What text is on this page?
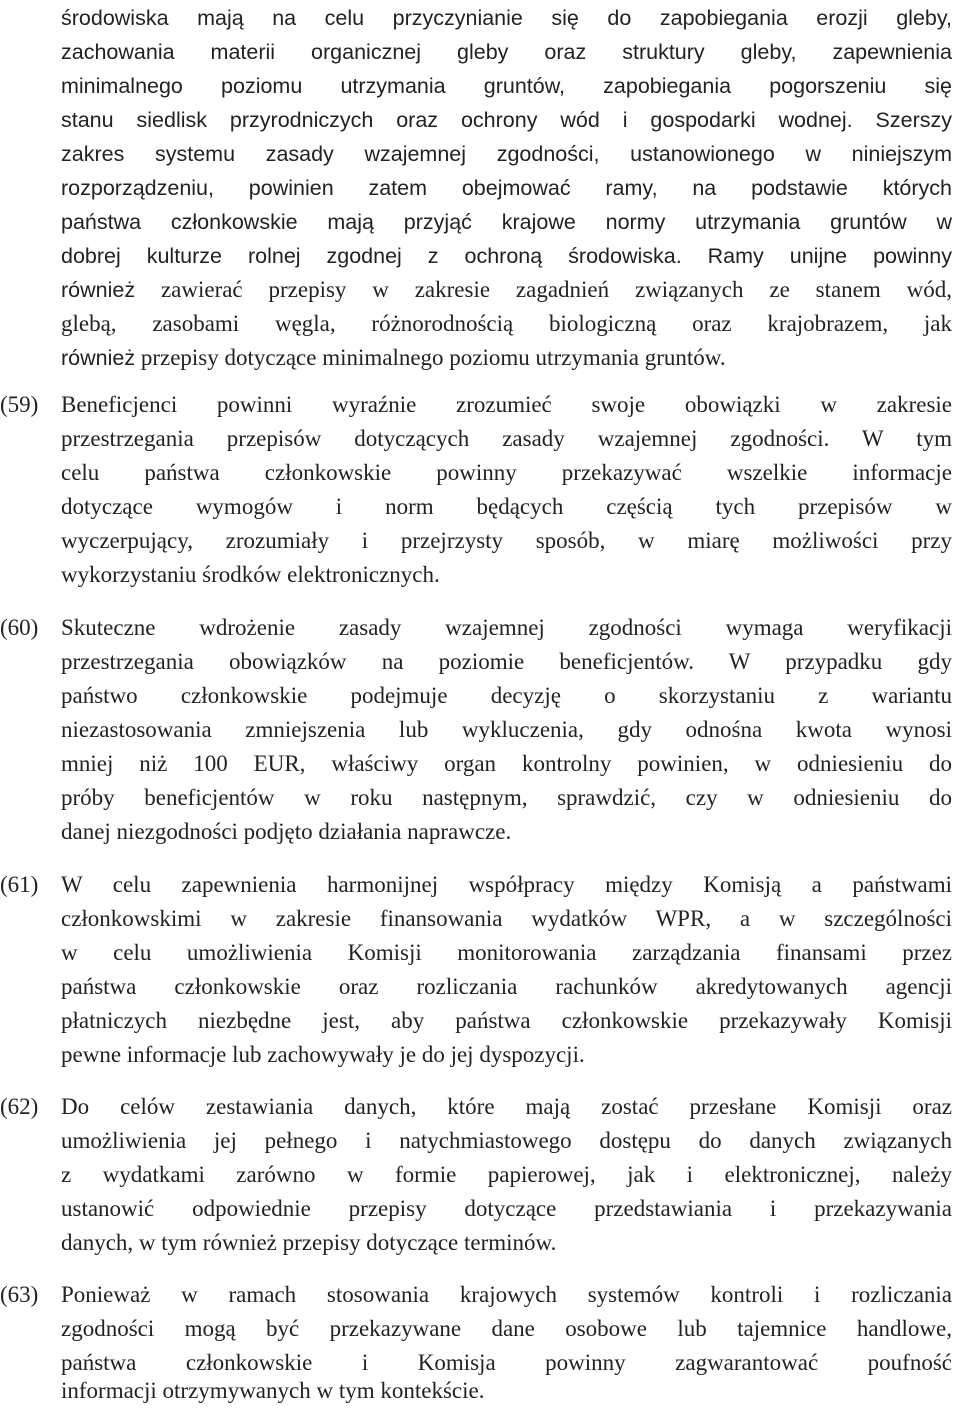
środowiska mają na celu przyczynianie się do zapobiegania erozji gleby,
zachowania materii organicznej gleby oraz struktury gleby, zapewnienia
minimalnego poziomu utrzymania gruntów, zapobiegania pogorszeniu się
stanu siedlisk przyrodniczych oraz ochrony wód i gospodarki wodnej. Szerszy
zakres systemu zasady wzajemnej zgodności, ustanowionego w niniejszym
rozporządzeniu, powinien zatem obejmować ramy, na podstawie których
państwa członkowskie mają przyjąć krajowe normy utrzymania gruntów w
dobrej kulturze rolnej zgodnej z ochroną środowiska. Ramy unijne powinny
również zawierać przepisy w zakresie zagadnień związanych ze stanem wód,
glebą, zasobami węgla, różnorodnością biologiczną oraz krajobrazem, jak
również przepisy dotyczące minimalnego poziomu utrzymania gruntów.
(59) Beneficjenci powinni wyraźnie zrozumieć swoje obowiązki w zakresie
przestrzegania przepisów dotyczących zasady wzajemnej zgodności. W tym
celu państwa członkowskie powinny przekazywać wszelkie informacje
dotyczące wymogów i norm będących częścią tych przepisów w
wyczerpujący, zrozumiały i przejrzysty sposób, w miarę możliwości przy
wykorzystaniu środków elektronicznych.
(60) Skuteczne wdrożenie zasady wzajemnej zgodności wymaga weryfikacji
przestrzegania obowiązków na poziomie beneficjentów. W przypadku gdy
państwo członkowskie podejmuje decyzję o skorzystaniu z wariantu
niezastosowania zmniejszenia lub wykluczenia, gdy odnośna kwota wynosi
mniej niż 100 EUR, właściwy organ kontrolny powinien, w odniesieniu do
próby beneficjentów w roku następnym, sprawdzić, czy w odniesieniu do
danej niezgodności podjęto działania naprawcze.
(61) W celu zapewnienia harmonijnej współpracy między Komisją a państwami
członkowskimi w zakresie finansowania wydatków WPR, a w szczególności
w celu umożliwienia Komisji monitorowania zarządzania finansami przez
państwa członkowskie oraz rozliczania rachunków akredytowanych agencji
płatniczych niezbędne jest, aby państwa członkowskie przekazywały Komisji
pewne informacje lub zachowywały je do jej dyspozycji.
(62) Do celów zestawiania danych, które mają zostać przesłane Komisji oraz
umożliwienia jej pełnego i natychmiastowego dostępu do danych związanych
z wydatkami zarówno w formie papierowej, jak i elektronicznej, należy
ustanowić odpowiednie przepisy dotyczące przedstawiania i przekazywania
danych, w tym również przepisy dotyczące terminów.
(63) Ponieważ w ramach stosowania krajowych systemów kontroli i rozliczania
zgodności mogą być przekazywane dane osobowe lub tajemnice handlowe,
państwa członkowskie i Komisja powinny zagwarantować poufność
informacji otrzymywanych w tym kontekście.
